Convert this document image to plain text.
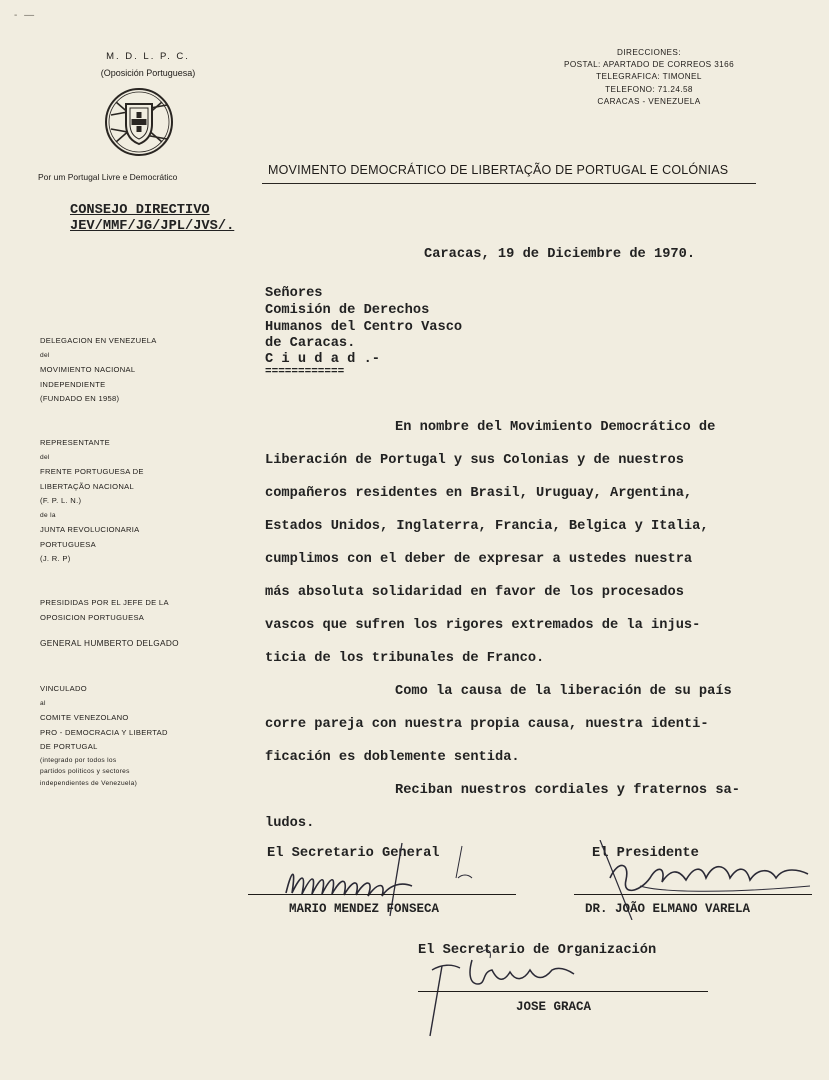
- —
M. D. L. P. C.
(Oposición Portuguesa)
Por um Portugal Livre e Democrático	MOVIMENTO DEMOCRÁTICO DE LIBERTAÇÃO DE PORTUGAL E COLÓNIAS
DIRECCIONES:
POSTAL: APARTADO DE CORREOS 3166
TELEGRAFICA: TIMONEL
TELEFONO: 71.24.58
CARACAS - VENEZUELA
CONSEJO DIRECTIVO
JEV/MMF/JG/JPL/JVS/.
DELEGACION EN VENEZUELA
del
MOVIMIENTO NACIONAL
INDEPENDIENTE
(FUNDADO EN 1958)
REPRESENTANTE
del
FRENTE PORTUGUESA DE
LIBERTAÇÃO NACIONAL
(F. P. L. N.)
de la
JUNTA REVOLUCIONARIA
PORTUGUESA
(J. R. P)
PRESIDIDAS POR EL JEFE DE LA
OPOSICION PORTUGUESA
GENERAL HUMBERTO DELGADO
VINCULADO
al
COMITE VENEZOLANO
PRO - DEMOCRACIA Y LIBERTAD
DE PORTUGAL
(integrado por todos los
partidos politicos y sectores
independientes de Venezuela)
Caracas, 19 de Diciembre de 1970.
Señores
Comisión de Derechos
Humanos del Centro Vasco
de Caracas.
C i u d a d .-
============
En nombre del Movimiento Democrático de
Liberación de Portugal y sus Colonias y de nuestros
compañeros residentes en Brasil, Uruguay, Argentina,
Estados Unidos, Inglaterra, Francia, Belgica y Italia,
cumplimos con el deber de expresar a ustedes nuestra
más absoluta solidaridad en favor de los procesados
vascos que sufren los rigores extremados de la injus-
ticia de los tribunales de Franco.
Como la causa de la liberación de su país
corre pareja con nuestra propia causa, nuestra identi-
ficación es doblemente sentida.
Reciban nuestros cordiales y fraternos sa-
ludos.
El Secretario General
MARIO MENDEZ FONSECA
El Presidente
DR. JOÃO ELMANO VARELA
El Secretario de Organización
JOSE GRACA
